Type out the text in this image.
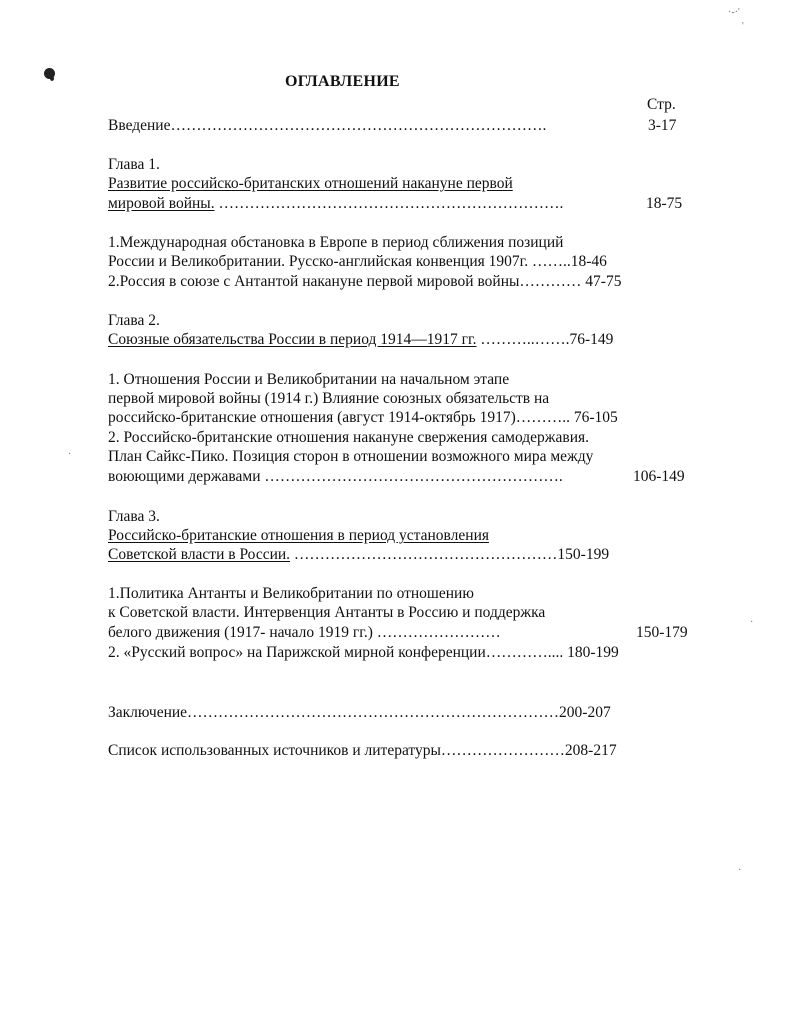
·-·'
'
·
·
·
ОГЛАВЛЕНИЕ
Стр.
Введение……………………………………………………………….	3-17
Глава 1.
Развитие российско-британских отношений накануне первой
мировой войны. ………………………………………………………….	18-75
1.Международная обстановка в Европе в период сближения позиций
России и Великобритании. Русско-английская конвенция 1907г. ……..18-46
2.Россия в союзе с Антантой накануне первой мировой войны………… 47-75
Глава 2.
Союзные обязательства России в период 1914—1917 гг. ………..…….76-149
1. Отношения России и Великобритании на начальном этапе
первой мировой войны (1914 г.) Влияние союзных обязательств на
российско-британские отношения (август 1914-октябрь 1917)……….. 76-105
2. Российско-британские отношения накануне свержения самодержавия.
План Сайкс-Пико. Позиция сторон в отношении возможного мира между
воюющими державами ………………………………………………….	106-149
Глава 3.
Российско-британские отношения в период установления
Советской власти в России. ……………………………………………150-199
1.Политика Антанты и Великобритании по отношению
к Советской власти. Интервенция Антанты в Россию и поддержка
белого движения (1917- начало 1919 гг.) ……………………	150-179
2. «Русский вопрос» на Парижской мирной конференции………….... 180-199
Заключение………………………………………………………………200-207
Список использованных источников и литературы……………………208-217
